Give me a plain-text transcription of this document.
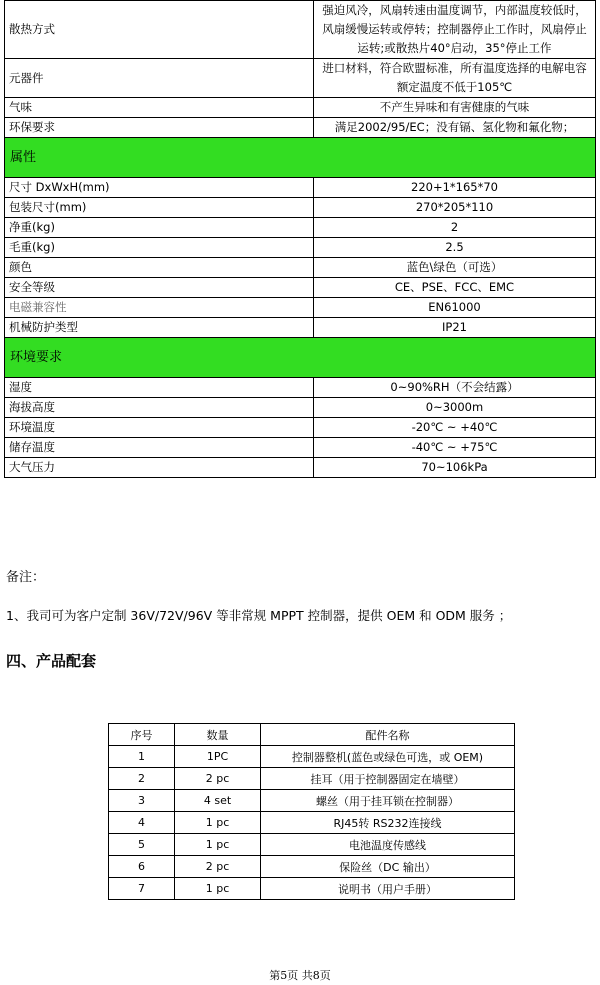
散热方式	强迫风冷，风扇转速由温度调节，内部温度较低时，风扇缓慢运转或停转；控制器停止工作时，风扇停止运转;或散热片40°启动，35°停止工作
元器件	进口材料，符合欧盟标准，所有温度选择的电解电容额定温度不低于105℃
气味	不产生异味和有害健康的气味
环保要求	满足2002/95/EC；没有镉、氢化物和氟化物；
属性	
尺寸 DxWxH(mm)	220+1*165*70
包装尺寸(mm)	270*205*110
净重(kg)	2
毛重(kg)	2.5
颜色	蓝色\绿色（可选）
安全等级	CE、PSE、FCC、EMC
电磁兼容性	EN61000
机械防护类型	IP21
环境要求	
湿度	0~90%RH（不会结露）
海拔高度	0~3000m
环境温度	-20℃ ~ +40℃
储存温度	-40℃ ~ +75℃
大气压力	70~106kPa
备注：
1、我司可为客户定制 36V/72V/96V 等非常规 MPPT 控制器，提供 OEM 和 ODM 服务 ；
四、产品配套
序号	数量	配件名称
1	1PC	控制器整机(蓝色或绿色可选，或 OEM)
2	2 pc	挂耳（用于控制器固定在墙壁）
3	4 set	螺丝（用于挂耳锁在控制器）
4	1 pc	RJ45转 RS232连接线
5	1 pc	电池温度传感线
6	2 pc	保险丝（DC 输出）
7	1 pc	说明书（用户手册）
第5页 共8页
